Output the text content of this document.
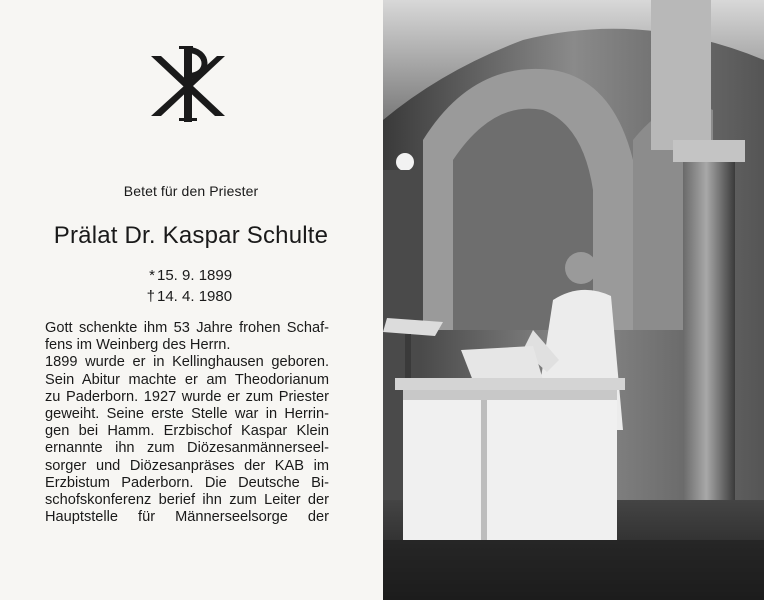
Betet für den Priester
Prälat Dr. Kaspar Schulte
* 15. 9. 1899
† 14. 4. 1980
Gott schenkte ihm 53 Jahre frohen Schaf-
fens im Weinberg des Herrn.
1899 wurde er in Kellinghausen geboren.
Sein Abitur machte er am Theodorianum
zu Paderborn. 1927 wurde er zum Priester
geweiht. Seine erste Stelle war in Herrin-
gen bei Hamm. Erzbischof Kaspar Klein
ernannte ihn zum Diözesanmännerseel-
sorger und Diözesanpräses der KAB im
Erzbistum Paderborn. Die Deutsche Bi-
schofskonferenz berief ihn zum Leiter der
Hauptstelle für Männerseelsorge der
